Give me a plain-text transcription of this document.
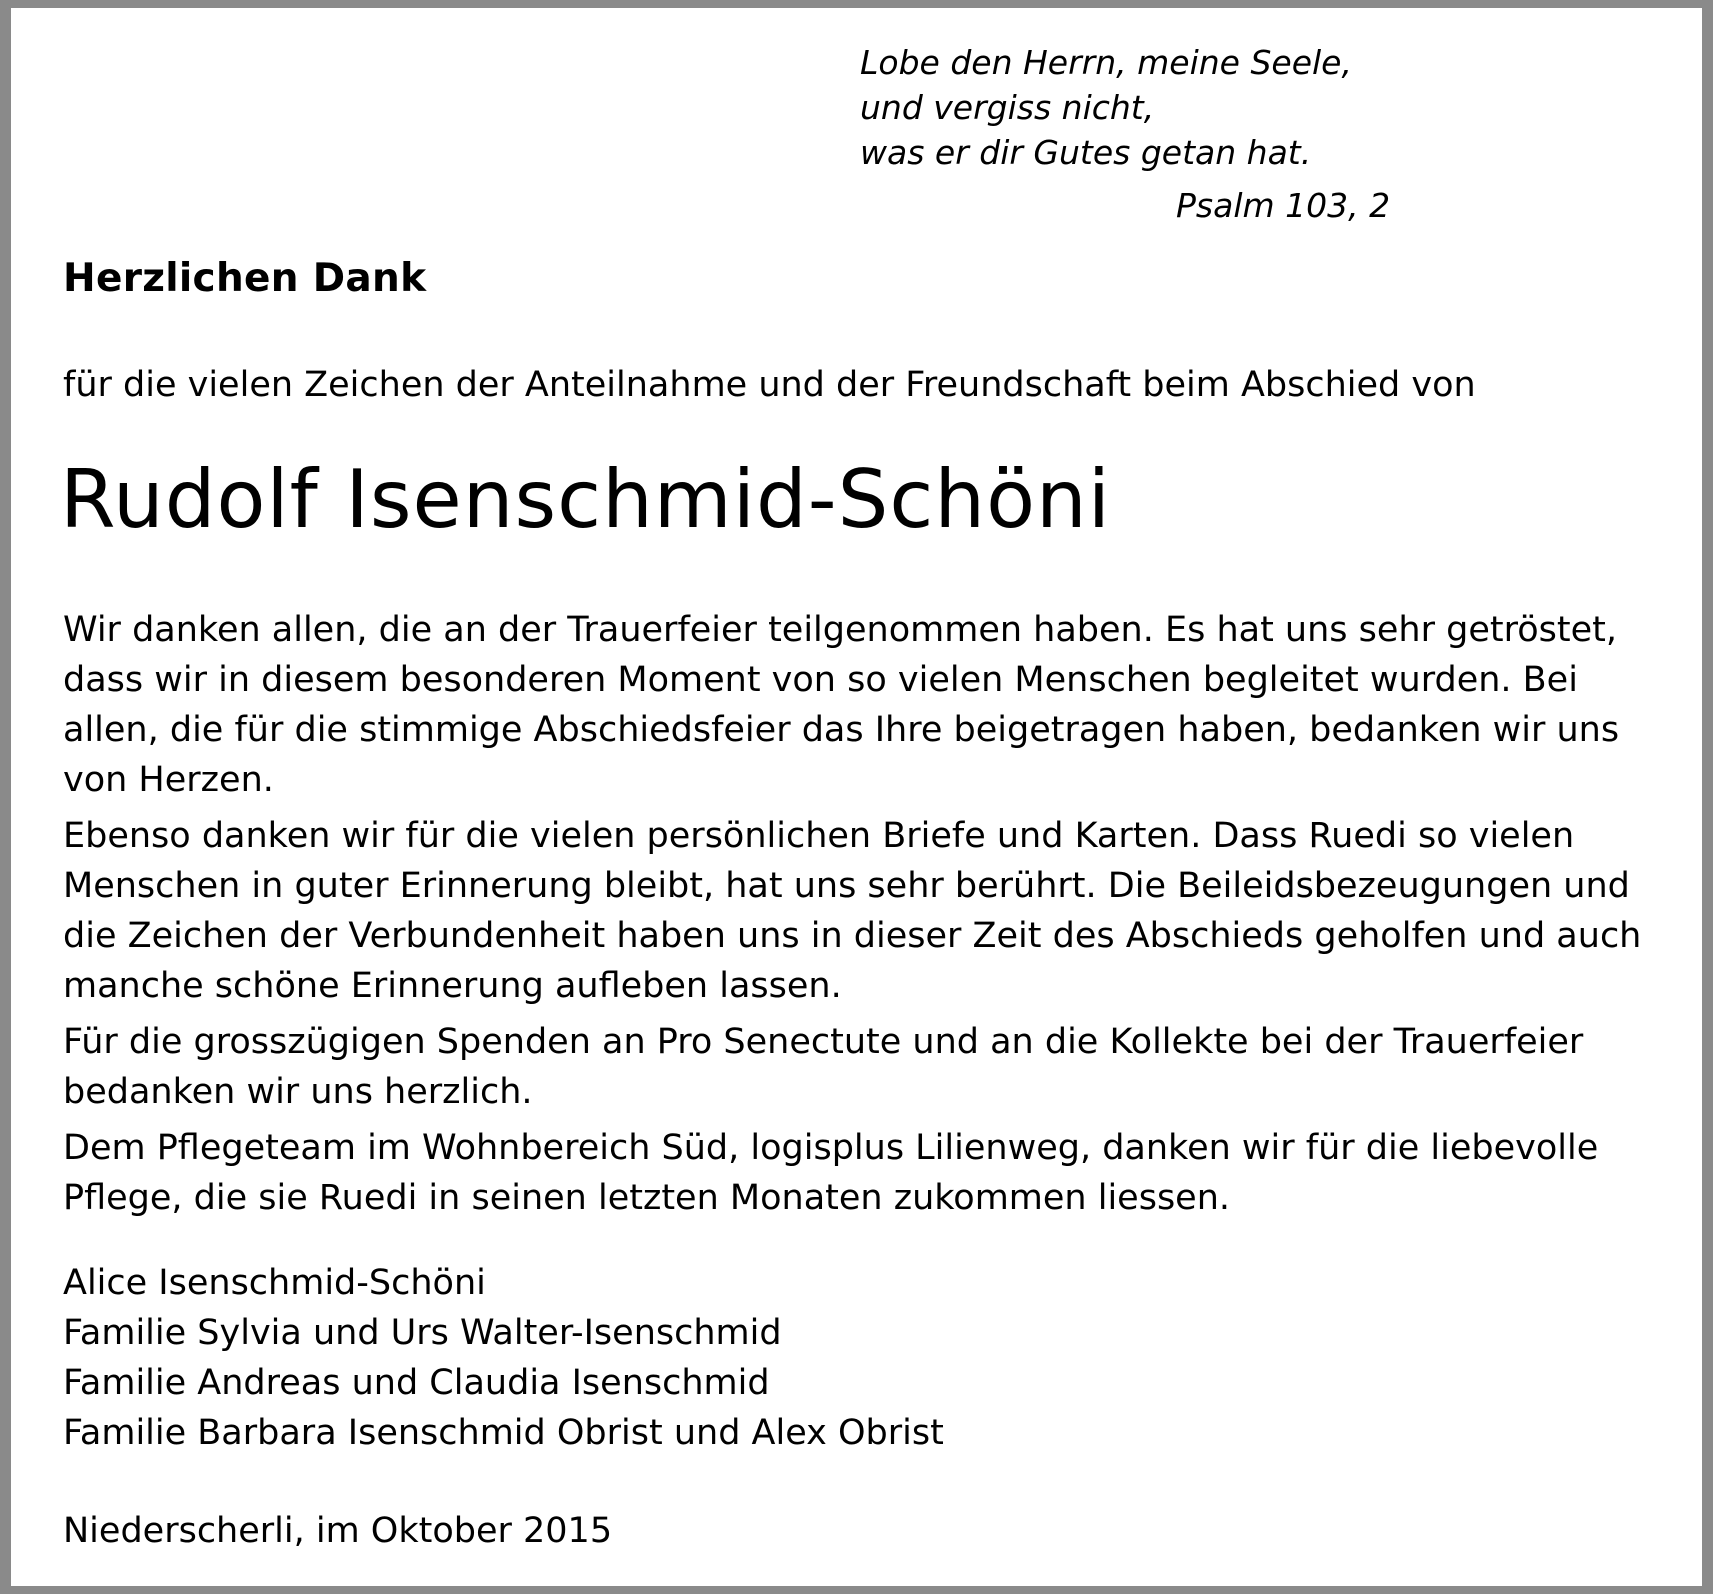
Lobe den Herrn, meine Seele,
und vergiss nicht,
was er dir Gutes getan hat.
Psalm 103, 2
Herzlichen Dank
für die vielen Zeichen der Anteilnahme und der Freundschaft beim Abschied von
Rudolf Isenschmid-Schöni
Wir danken allen, die an der Trauerfeier teilgenommen haben. Es hat uns sehr getröstet,
dass wir in diesem besonderen Moment von so vielen Menschen begleitet wurden. Bei
allen, die für die stimmige Abschiedsfeier das Ihre beigetragen haben, bedanken wir uns
von Herzen.
Ebenso danken wir für die vielen persönlichen Briefe und Karten. Dass Ruedi so vielen
Menschen in guter Erinnerung bleibt, hat uns sehr berührt. Die Beileidsbezeugungen und
die Zeichen der Verbundenheit haben uns in dieser Zeit des Abschieds geholfen und auch
manche schöne Erinnerung aufleben lassen.
Für die grosszügigen Spenden an Pro Senectute und an die Kollekte bei der Trauerfeier
bedanken wir uns herzlich.
Dem Pflegeteam im Wohnbereich Süd, logisplus Lilienweg, danken wir für die liebevolle
Pflege, die sie Ruedi in seinen letzten Monaten zukommen liessen.
Alice Isenschmid-Schöni
Familie Sylvia und Urs Walter-Isenschmid
Familie Andreas und Claudia Isenschmid
Familie Barbara Isenschmid Obrist und Alex Obrist
Niederscherli, im Oktober 2015
